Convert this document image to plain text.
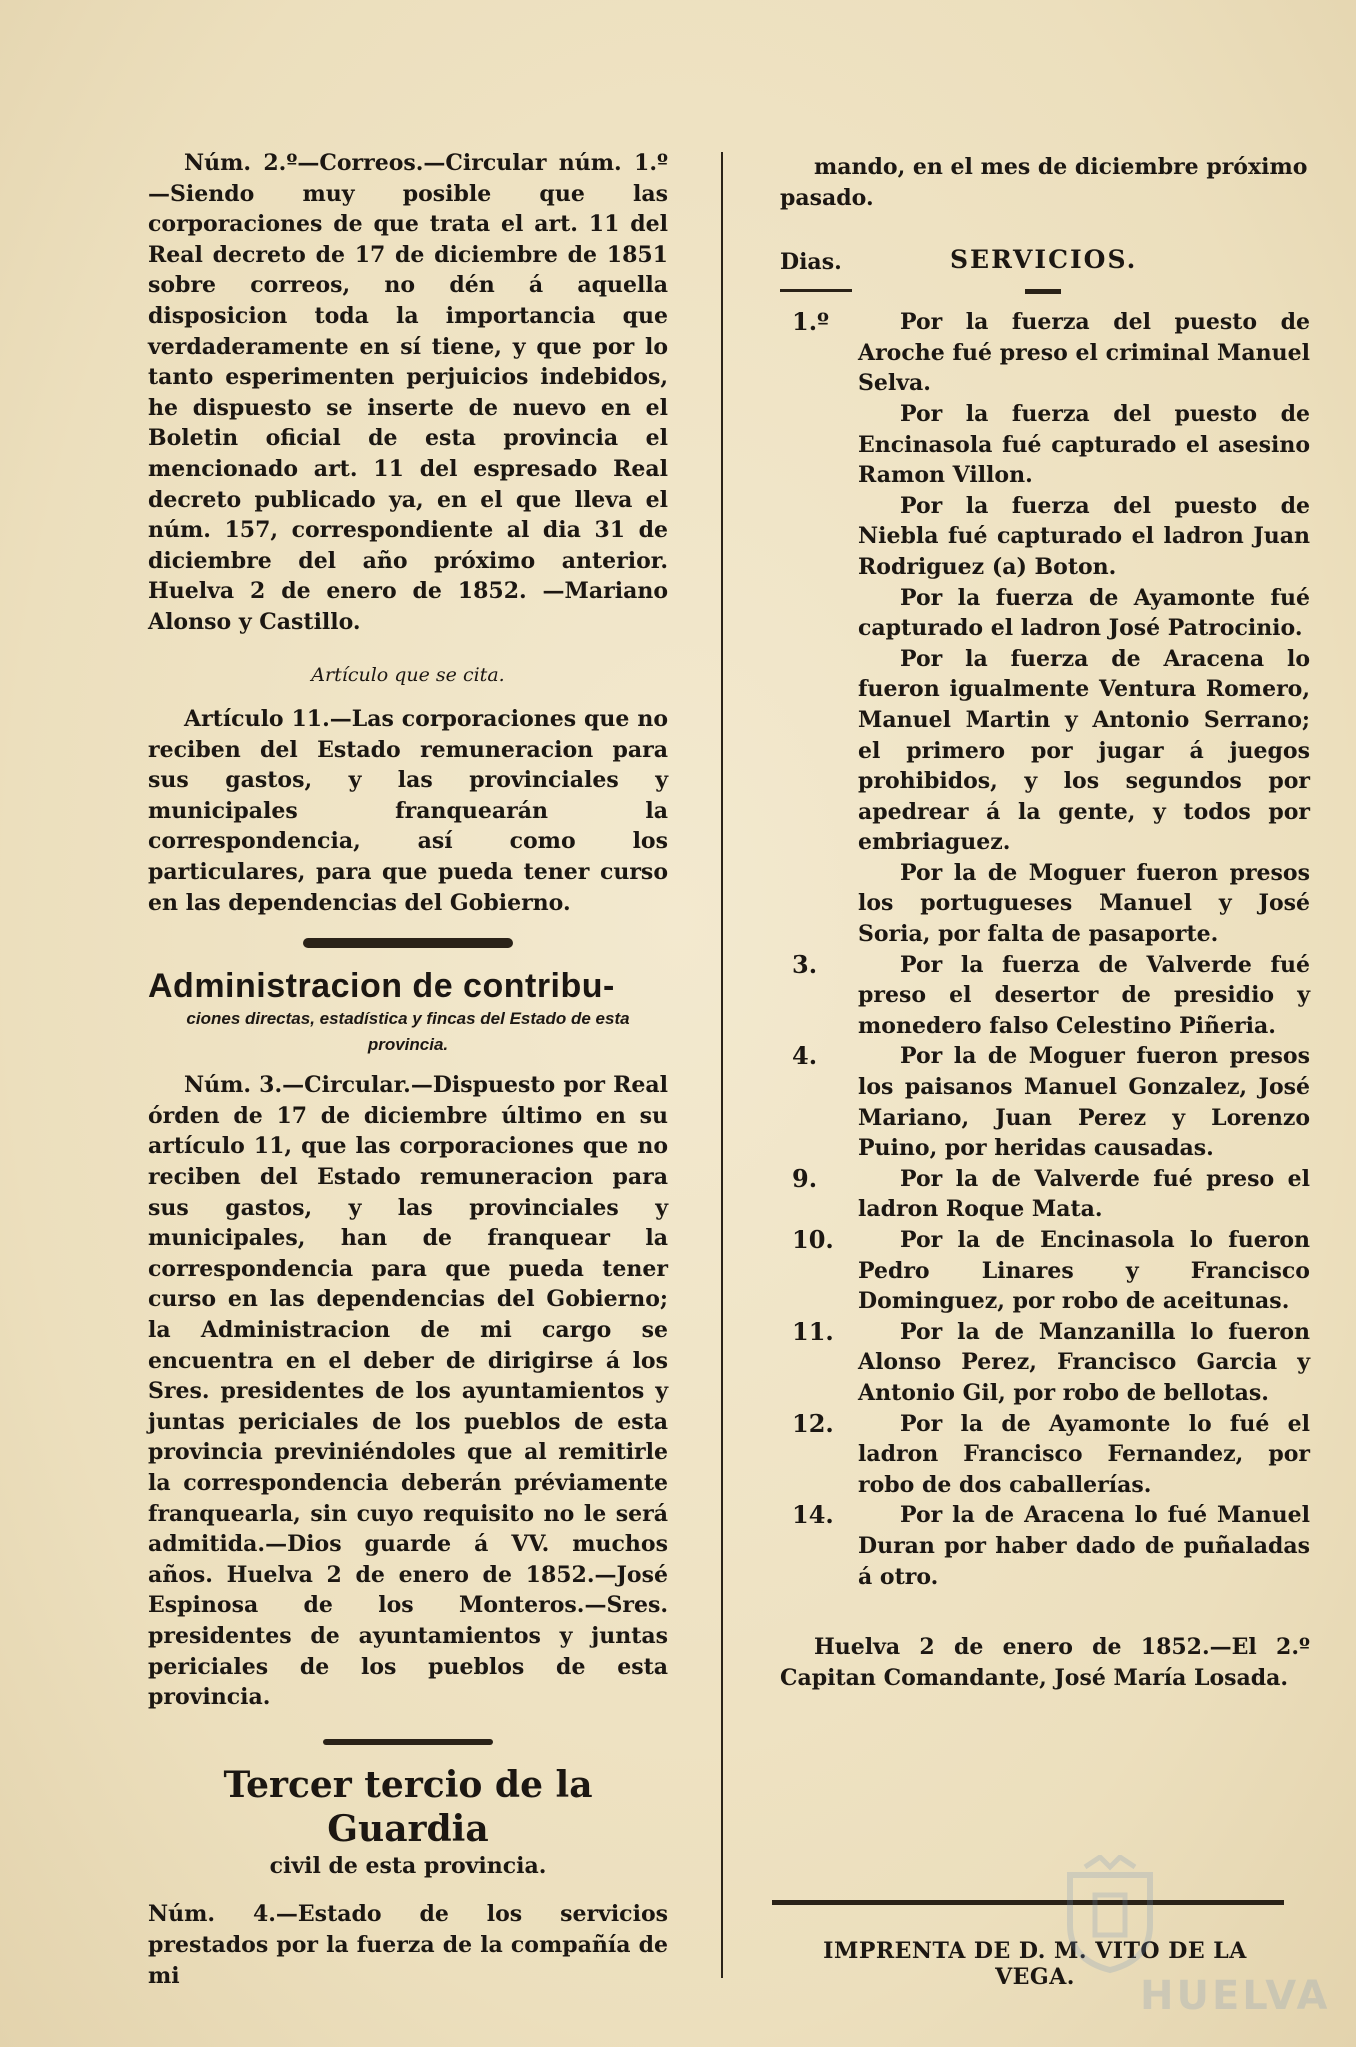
Núm. 2.º—Correos.—Circular núm. 1.º—Siendo muy posible que las corporaciones de que trata el art. 11 del Real decreto de 17 de diciembre de 1851 sobre correos, no dén á aquella disposicion toda la importancia que verdaderamente en sí tiene, y que por lo tanto esperimenten perjuicios indebidos, he dispuesto se inserte de nuevo en el Boletin oficial de esta provincia el mencionado art. 11 del espresado Real decreto publicado ya, en el que lleva el núm. 157, correspondiente al dia 31 de diciembre del año próximo anterior. Huelva 2 de enero de 1852. —Mariano Alonso y Castillo.

Artículo que se cita.

Artículo 11.—Las corporaciones que no reciben del Estado remuneracion para sus gastos, y las provinciales y municipales franquearán la correspondencia, así como los particulares, para que pueda tener curso en las dependencias del Gobierno.

Administracion de contribu-
ciones directas, estadística y fincas del Estado de esta provincia.

Núm. 3.—Circular.—Dispuesto por Real órden de 17 de diciembre último en su artículo 11, que las corporaciones que no reciben del Estado remuneracion para sus gastos, y las provinciales y municipales, han de franquear la correspondencia para que pueda tener curso en las dependencias del Gobierno; la Administracion de mi cargo se encuentra en el deber de dirigirse á los Sres. presidentes de los ayuntamientos y juntas periciales de los pueblos de esta provincia previniéndoles que al remitirle la correspondencia deberán préviamente franquearla, sin cuyo requisito no le será admitida.—Dios guarde á VV. muchos años. Huelva 2 de enero de 1852.—José Espinosa de los Monteros.—Sres. presidentes de ayuntamientos y juntas periciales de los pueblos de esta provincia.

Tercer tercio de la Guardia
civil de esta provincia.

Núm. 4.—Estado de los servicios prestados por la fuerza de la compañía de mi

mando, en el mes de diciembre próximo pasado.

Dias.	SERVICIOS.
1.º	Por la fuerza del puesto de Aroche fué preso el criminal Manuel Selva.

Por la fuerza del puesto de Encinasola fué capturado el asesino Ramon Villon.

Por la fuerza del puesto de Niebla fué capturado el ladron Juan Rodriguez (a) Boton.

Por la fuerza de Ayamonte fué capturado el ladron José Patrocinio.

Por la fuerza de Aracena lo fueron igualmente Ventura Romero, Manuel Martin y Antonio Serrano; el primero por jugar á juegos prohibidos, y los segundos por apedrear á la gente, y todos por embriaguez.

Por la de Moguer fueron presos los portugueses Manuel y José Soria, por falta de pasaporte.

3.	Por la fuerza de Valverde fué preso el desertor de presidio y monedero falso Celestino Piñeria.

4.	Por la de Moguer fueron presos los paisanos Manuel Gonzalez, José Mariano, Juan Perez y Lorenzo Puino, por heridas causadas.

9.	Por la de Valverde fué preso el ladron Roque Mata.

10.	Por la de Encinasola lo fueron Pedro Linares y Francisco Dominguez, por robo de aceitunas.

11.	Por la de Manzanilla lo fueron Alonso Perez, Francisco Garcia y Antonio Gil, por robo de bellotas.

12.	Por la de Ayamonte lo fué el ladron Francisco Fernandez, por robo de dos caballerías.

14.	Por la de Aracena lo fué Manuel Duran por haber dado de puñaladas á otro.

Huelva 2 de enero de 1852.—El 2.º Capitan Comandante, José María Losada.

IMPRENTA DE D. M. VITO DE LA VEGA.	HUELVA
